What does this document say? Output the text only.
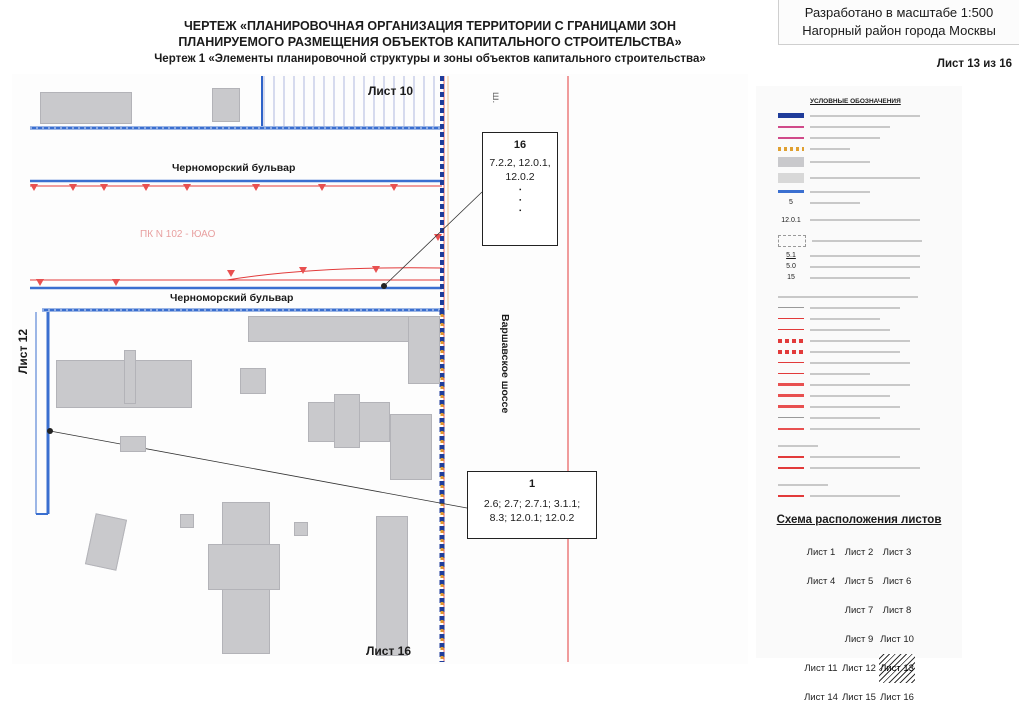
ЧЕРТЕЖ «ПЛАНИРОВОЧНАЯ ОРГАНИЗАЦИЯ ТЕРРИТОРИИ С ГРАНИЦАМИ ЗОН
ПЛАНИРУЕМОГО РАЗМЕЩЕНИЯ ОБЪЕКТОВ КАПИТАЛЬНОГО СТРОИТЕЛЬСТВА»
Чертеж 1 «Элементы планировочной структуры и зоны объектов капитального строительства»
Разработано в масштабе 1:500
Нагорный район города Москвы
Лист 13 из 16
Лист 10
Лист 12
Лист 16
Черноморский бульвар
Черноморский бульвар
Варшавское шоссе
ш.
ПК N 102 - ЮАО
16
7.2.2, 12.0.1,
12.0.2
· · ·
1
2.6; 2.7; 2.7.1; 3.1.1;
8.3; 12.0.1; 12.0.2
УСЛОВНЫЕ ОБОЗНАЧЕНИЯ
5
12.0.1
5.1
5.0
15
Схема расположения листов
Лист 1 Лист 2 Лист 3
Лист 4 Лист 5 Лист 6
Лист 7 Лист 8
Лист 9 Лист 10
Лист 11 Лист 12 Лист 13
Лист 14 Лист 15 Лист 16
